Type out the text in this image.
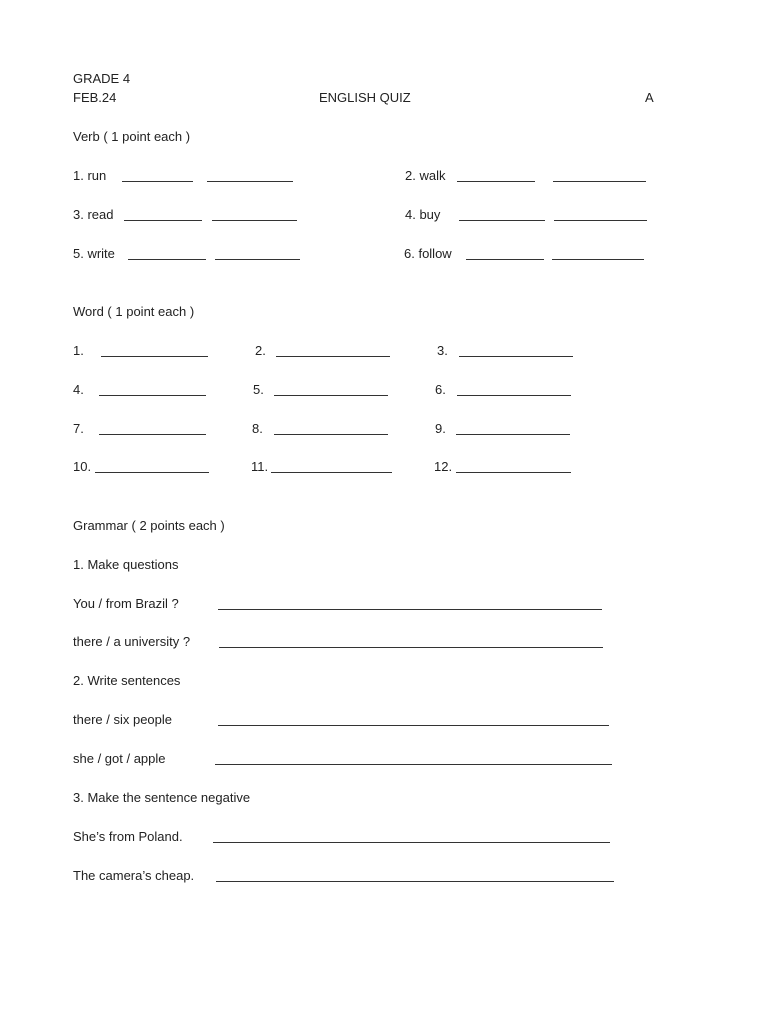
GRADE 4
FEB.24	ENGLISH QUIZ	A
Verb ( 1 point each )
1. run	2. walk
3. read	4. buy
5. write	6. follow
Word ( 1 point each )
1.	2.	3.
4.	5.	6.
7.	8.	9.
10.	11.	12.
Grammar ( 2 points each )
1. Make questions
You / from Brazil ?
there / a university ?
2. Write sentences
there / six people
she / got / apple
3. Make the sentence negative
She’s from Poland.
The camera’s cheap.
